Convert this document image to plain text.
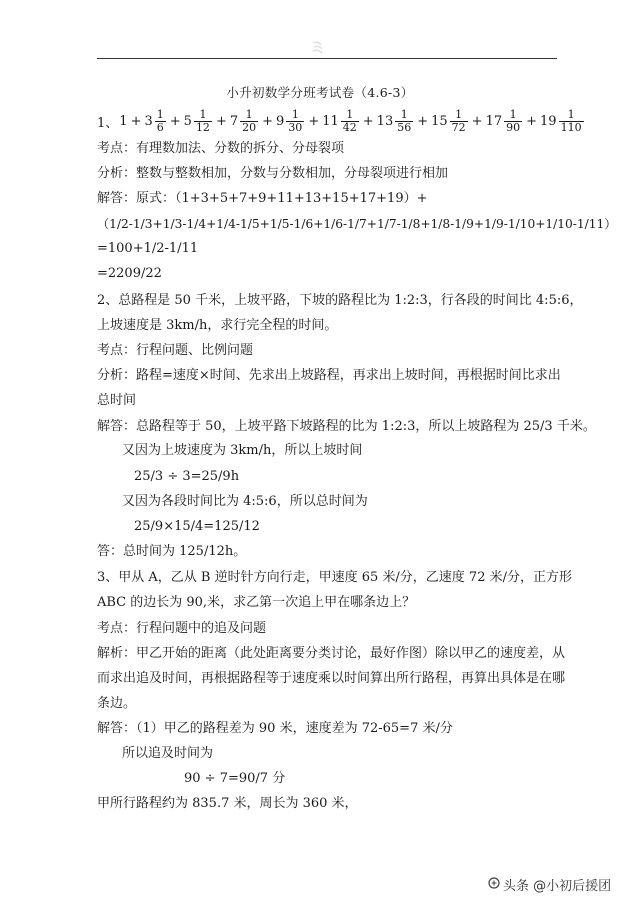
小升初数学分班考试卷（4.6-3）
1、 $1 + 3 \frac{1}{6} + 5 \frac{1}{12} + 7 \frac{1}{20} + 9 \frac{1}{30} + 11 \frac{1}{42} + 13 \frac{1}{56} + 15 \frac{1}{72} + 17 \frac{1}{90} + 19 \frac{1}{110}$
考点：有理数加法、分数的拆分、分母裂项
分析：整数与整数相加，分数与分数相加，分母裂项进行相加
解答：原式：（1+3+5+7+9+11+13+15+17+19）+
（1/2-1/3+1/3-1/4+1/4-1/5+1/5-1/6+1/6-1/7+1/7-1/8+1/8-1/9+1/9-1/10+1/10-1/11）
=100+1/2-1/11
=2209/22
2、总路程是 50 千米，上坡平路，下坡的路程比为 1:2:3，行各段的时间比 4:5:6，
上坡速度是 3km/h，求行完全程的时间。
考点：行程问题、比例问题
分析：路程=速度×时间、先求出上坡路程，再求出上坡时间，再根据时间比求出
总时间
解答：总路程等于 50，上坡平路下坡路程的比为 1:2:3，所以上坡路程为 25/3 千米。
又因为上坡速度为 3km/h，所以上坡时间
25/3 ÷ 3=25/9h
又因为各段时间比为 4:5:6，所以总时间为
25/9×15/4=125/12
答：总时间为 125/12h。
3、甲从 A，乙从 B 逆时针方向行走，甲速度 65 米/分，乙速度 72 米/分，正方形
ABC 的边长为 90,米，求乙第一次追上甲在哪条边上？
考点：行程问题中的追及问题
解析：甲乙开始的距离（此处距离要分类讨论，最好作图）除以甲乙的速度差，从
而求出追及时间，再根据路程等于速度乘以时间算出所行路程，再算出具体是在哪
条边。
解答：（1）甲乙的路程差为 90 米，速度差为 72-65=7 米/分
所以追及时间为
90 ÷ 7=90/7 分
甲所行路程约为 835.7 米，周长为 360 米，
头条 @小初后援团
